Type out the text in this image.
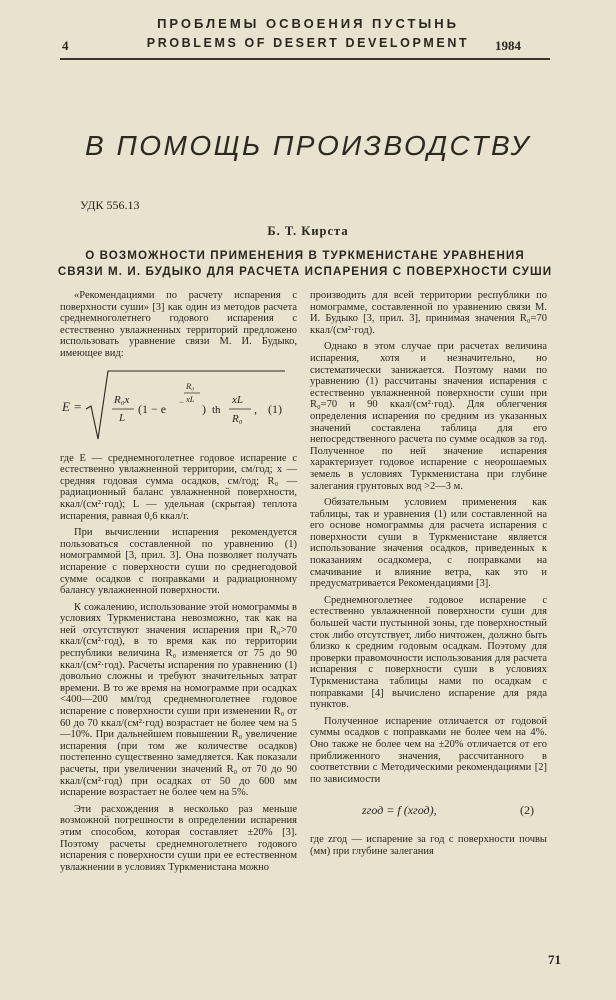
ПРОБЛЕМЫ ОСВОЕНИЯ ПУСТЫНЬ
4	PROBLEMS OF DESERT DEVELOPMENT	1984
В ПОМОЩЬ ПРОИЗВОДСТВУ
УДК 556.13
Б. Т. Кирста
О ВОЗМОЖНОСТИ ПРИМЕНЕНИЯ В ТУРКМЕНИСТАНЕ УРАВНЕНИЯ
СВЯЗИ М. И. БУДЫКО ДЛЯ РАСЧЕТА ИСПАРЕНИЯ С ПОВЕРХНОСТИ СУШИ

«Рекомендациями по расчету испарения с поверхности суши» [3] как один из методов расчета среднемноголетнего годового испарения с естественно увлажненных территорий предложено использовать уравнение связи М. И. Будыко, имеющее вид:

E =	R₀x
L
(1 − e −
R₀
xL
) th
xL
R₀
, (1)

где E — среднемноголетнее годовое испарение с естественно увлажненной территории, см/год; x — средняя годовая сумма осадков, см/год; R₀ — радиационный баланс увлажненной поверхности, ккал/(см²·год); L — удельная (скрытая) теплота испарения, равная 0,6 ккал/г.

При вычислении испарения рекомендуется пользоваться составленной по уравнению (1) номограммой [3, прил. 3]. Она позволяет получать испарение с поверхности суши по среднегодовой сумме осадков с поправками и радиационному балансу увлажненной поверхности.

К сожалению, использование этой номограммы в условиях Туркменистана невозможно, так как на ней отсутствуют значения испарения при R₀>70 ккал/(см²·год), в то время как по территории республики величина R₀ изменяется от 75 до 90 ккал/(см²·год). Расчеты испарения по уравнению (1) довольно сложны и требуют значительных затрат времени. В то же время на номограмме при осадках <400—200 мм/год среднемноголетнее годовое испарение с поверхности суши при изменении R₀ от 60 до 70 ккал/(см²·год) возрастает не более чем на 5—10%. При дальнейшем повышении R₀ увеличение испарения (при том же количестве осадков) постепенно существенно замедляется. Как показали расчеты, при увеличении значений R₀ от 70 до 90 ккал/(см²·год) при осадках от 50 до 600 мм испарение возрастает не более чем на 5%.

Эти расхождения в несколько раз меньше возможной погрешности в определении испарения этим способом, которая составляет ±20% [3]. Поэтому расчеты среднемноголетнего годового испарения с поверхности суши при ее естественном увлажнении в условиях Туркменистана можно

производить для всей территории республики по номограмме, составленной по уравнению связи М. И. Будыко [3, прил. 3], принимая значения R₀=70 ккал/(см²·год).

Однако в этом случае при расчетах величина испарения, хотя и незначительно, но систематически занижается. Поэтому нами по уравнению (1) рассчитаны значения испарения с естественно увлажненной поверхности суши при R₀=70 и 90 ккал/(см²·год). Для облегчения определения испарения по средним из указанных значений составлена таблица для его непосредственного расчета по сумме осадков за год. Полученное по ней значение испарения характеризует годовое испарение с неорошаемых земель в условиях Туркменистана при глубине залегания грунтовых вод >2—3 м.

Обязательным условием применения как таблицы, так и уравнения (1) или составленной на его основе номограммы для расчета испарения с поверхности суши в Туркменистане является использование значения осадков, приведенных к показаниям осадкомера, с поправками на смачивание и влияние ветра, как это и предусматривается Рекомендациями [3].

Среднемноголетнее годовое испарение с естественно увлажненной поверхности суши для большей части пустынной зоны, где поверхностный сток либо отсутствует, либо ничтожен, должно быть близко к средним годовым осадкам. Поэтому для проверки правомочности использования для расчета испарения с поверхности суши в условиях Туркменистана таблицы нами по осадкам с поправками [4] вычислено испарение для ряда пунктов.

Полученное испарение отличается от годовой суммы осадков с поправками не более чем на 4%. Оно также не более чем на ±20% отличается от его приближенного значения, рассчитанного в соответствии с Методическими рекомендациями [2] по зависимости

zгод = f (xгод),	(2)

где zгод — испарение за год с поверхности почвы (мм) при глубине залегания

71
